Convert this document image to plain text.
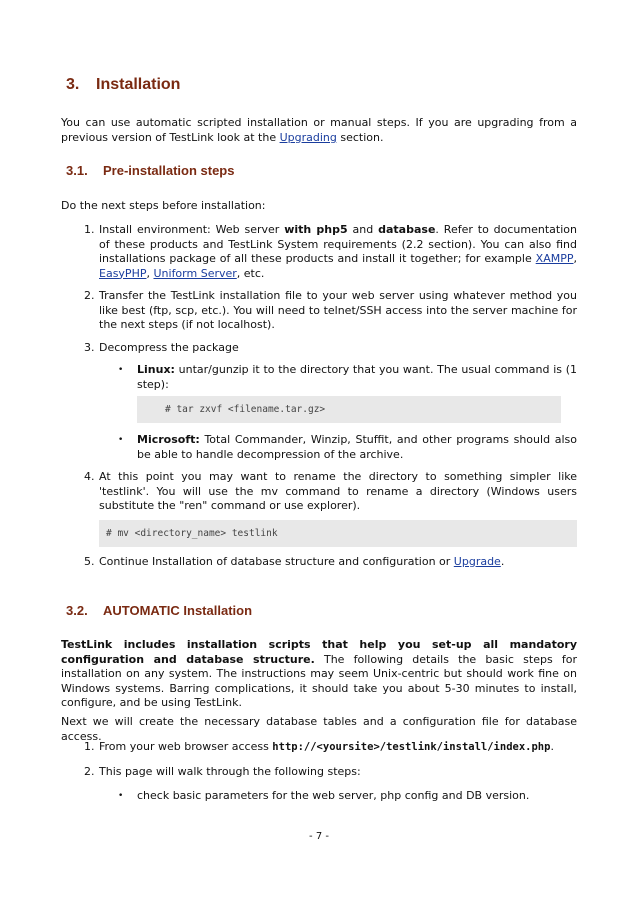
3. Installation

You can use automatic scripted installation or manual steps. If you are upgrading from a previous version of TestLink look at the Upgrading section.

3.1. Pre-installation steps

Do the next steps before installation:

1. Install environment: Web server with php5 and database. Refer to documentation of these products and TestLink System requirements (2.2 section). You can also find installations package of all these products and install it together; for example XAMPP, EasyPHP, Uniform Server, etc.
2. Transfer the TestLink installation file to your web server using whatever method you like best (ftp, scp, etc.). You will need to telnet/SSH access into the server machine for the next steps (if not localhost).
3. Decompress the package
• Linux: untar/gunzip it to the directory that you want. The usual command is (1 step):
# tar zxvf <filename.tar.gz>
• Microsoft: Total Commander, Winzip, Stuffit, and other programs should also be able to handle decompression of the archive.
4. At this point you may want to rename the directory to something simpler like 'testlink'. You will use the mv command to rename a directory (Windows users substitute the "ren" command or use explorer).
# mv <directory_name> testlink
5. Continue Installation of database structure and configuration or Upgrade.
3.2. AUTOMATIC Installation

TestLink includes installation scripts that help you set-up all mandatory configuration and database structure. The following details the basic steps for installation on any system. The instructions may seem Unix-centric but should work fine on Windows systems. Barring complications, it should take you about 5-30 minutes to install, configure, and be using TestLink.

Next we will create the necessary database tables and a configuration file for database access.

1. From your web browser access http://<yoursite>/testlink/install/index.php.
2. This page will walk through the following steps:
• check basic parameters for the web server, php config and DB version.
- 7 -
